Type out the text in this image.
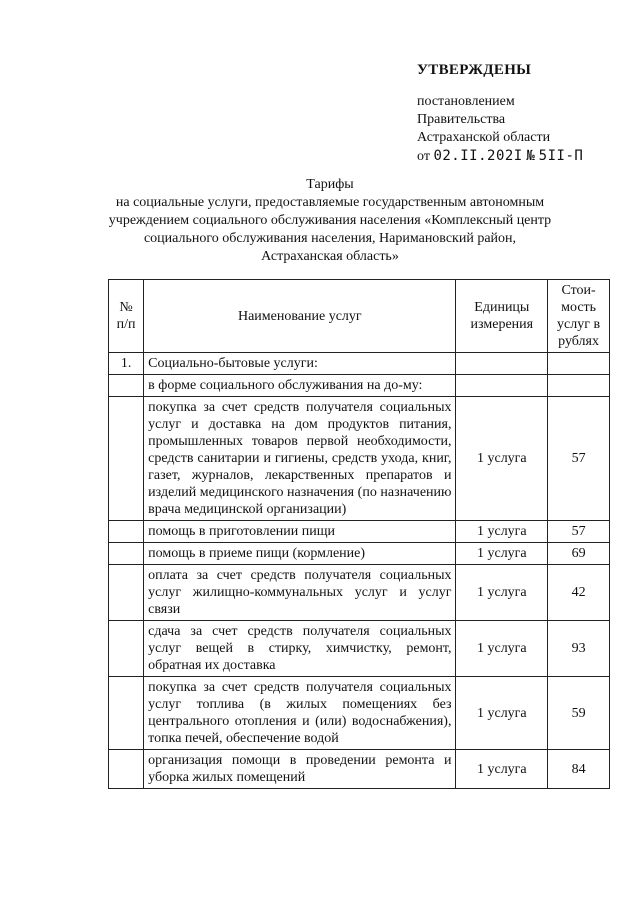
УТВЕРЖДЕНЫ
постановлением
Правительства
Астраханской области
от 02.II.202I № 5II-П
Тарифы
на социальные услуги, предоставляемые государственным автономным
учреждением социального обслуживания населения «Комплексный центр
социального обслуживания населения, Наримановский район,
Астраханская область»
№ п/п	Наименование услуг	Единицы измерения	Стои-мость услуг в рублях
1.	Социально-бытовые услуги:		
	в форме социального обслуживания на до-му:		
	покупка за счет средств получателя социальных услуг и доставка на дом продуктов питания, промышленных товаров первой необходимости, средств санитарии и гигиены, средств ухода, книг, газет, журналов, лекарственных препаратов и изделий медицинского назначения (по назначению врача медицинской организации)	1 услуга	57
	помощь в приготовлении пищи	1 услуга	57
	помощь в приеме пищи (кормление)	1 услуга	69
	оплата за счет средств получателя социальных услуг жилищно-коммунальных услуг и услуг связи	1 услуга	42
	сдача за счет средств получателя социальных услуг вещей в стирку, химчистку, ремонт, обратная их доставка	1 услуга	93
	покупка за счет средств получателя социальных услуг топлива (в жилых помещениях без центрального отопления и (или) водоснабжения), топка печей, обеспечение водой	1 услуга	59
	организация помощи в проведении ремонта и уборка жилых помещений	1 услуга	84
